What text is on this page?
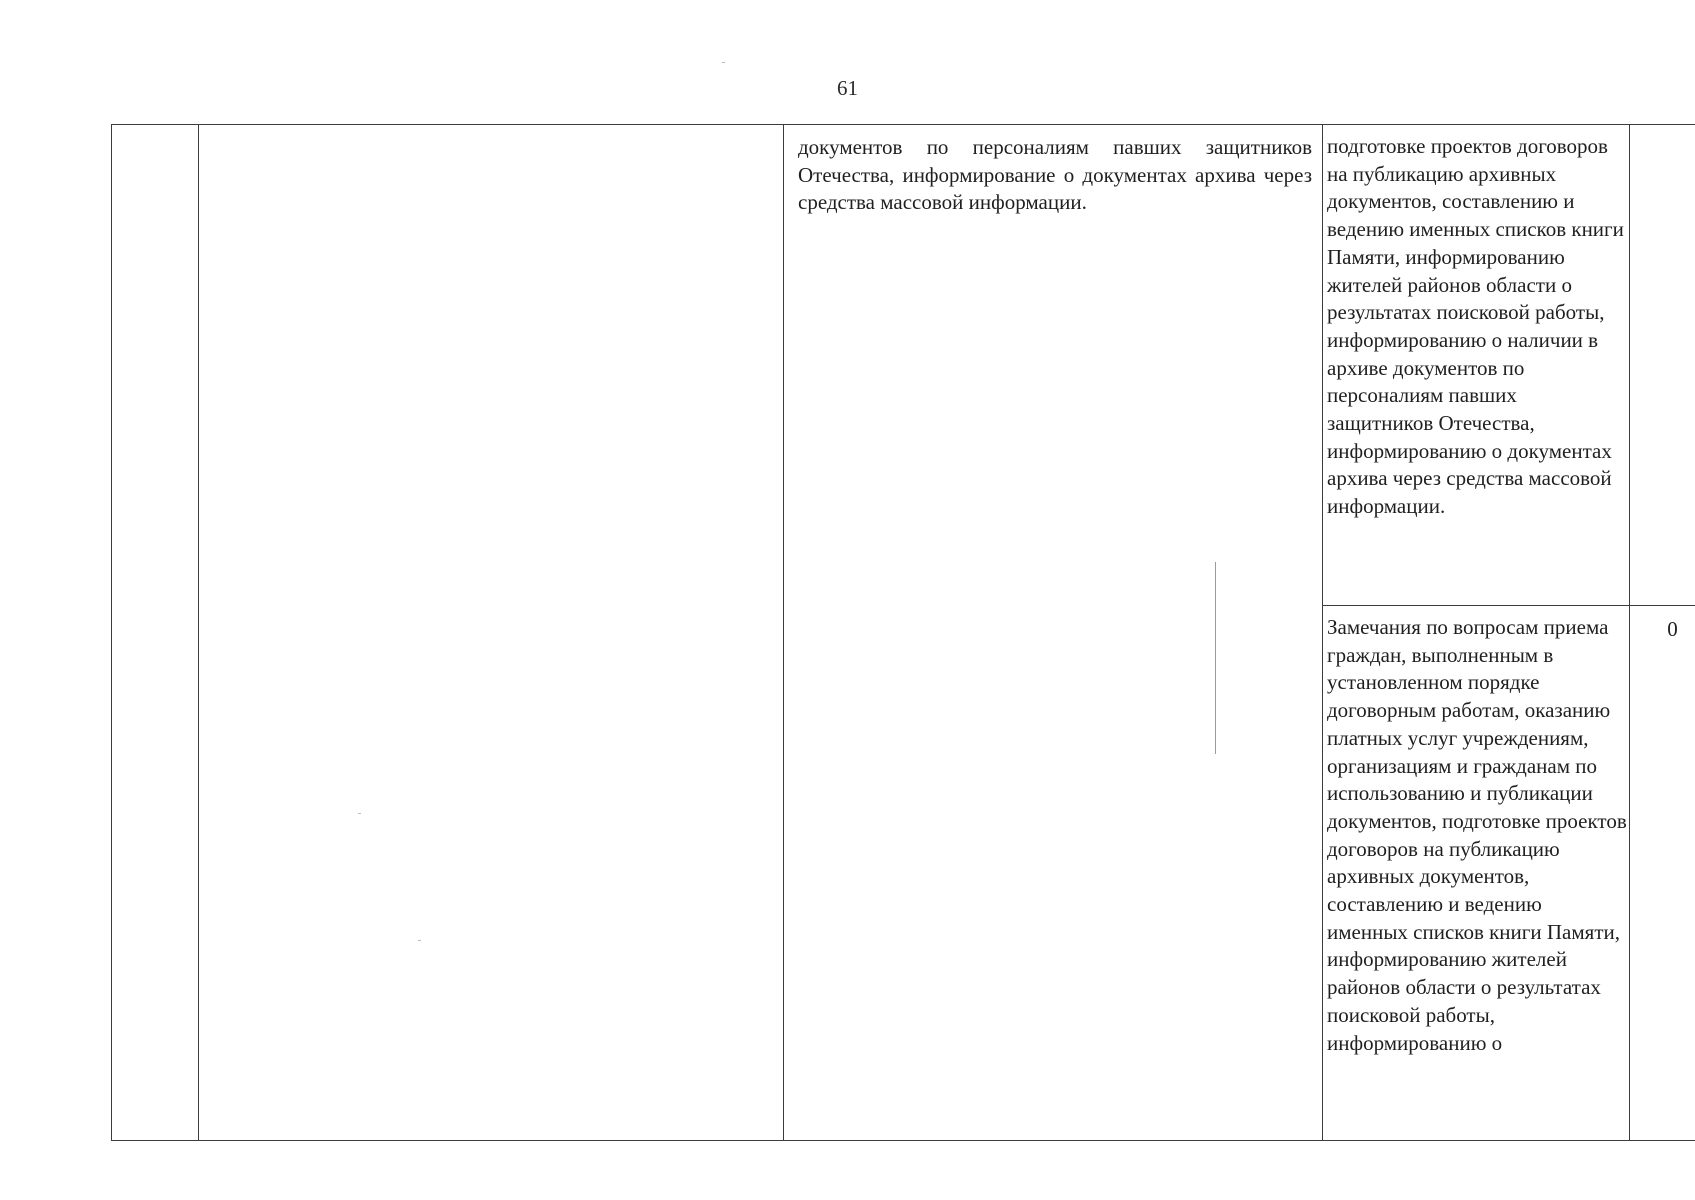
61
		документов по персоналиям павших защитников Отечества, информирование о документах архива через средства массовой информации.	подготовке проектов договоров на публикацию архивных документов, составлению и ведению именных списков книги Памяти, информированию жителей районов области о результатах поисковой работы, информированию о наличии в архиве документов по персоналиям павших защитников Отечества, информированию о документах архива через средства массовой информации.	

			Замечания по вопросам приема граждан, выполненным в установленном порядке договорным работам, оказанию платных услуг учреждениям, организациям и гражданам по использованию и публикации документов, подготовке проектов договоров на публикацию архивных документов, составлению и ведению именных списков книги Памяти, информированию жителей районов области о результатах поисковой работы, информированию о	0
